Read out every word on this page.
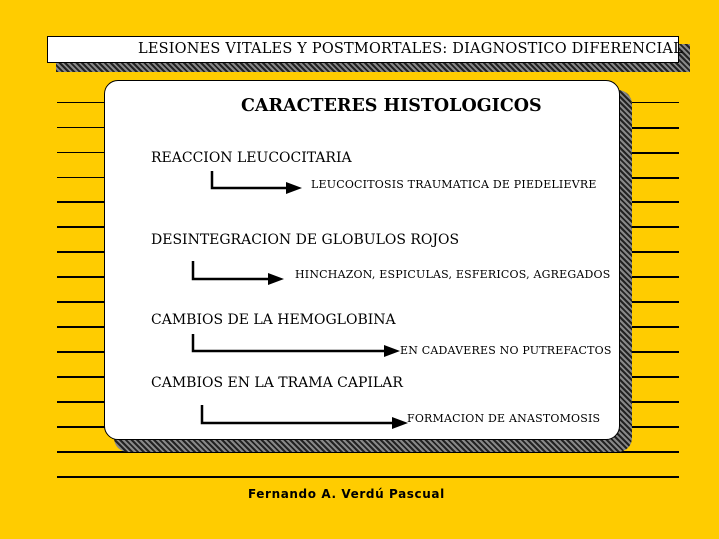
LESIONES VITALES Y POSTMORTALES: DIAGNOSTICO DIFERENCIAL
CARACTERES HISTOLOGICOS
REACCION LEUCOCITARIA
LEUCOCITOSIS TRAUMATICA DE PIEDELIEVRE
DESINTEGRACION DE GLOBULOS ROJOS
HINCHAZON, ESPICULAS, ESFERICOS, AGREGADOS
CAMBIOS DE LA HEMOGLOBINA
EN CADAVERES NO PUTREFACTOS
CAMBIOS EN LA TRAMA CAPILAR
FORMACION DE ANASTOMOSIS
Fernando A. Verdú Pascual
